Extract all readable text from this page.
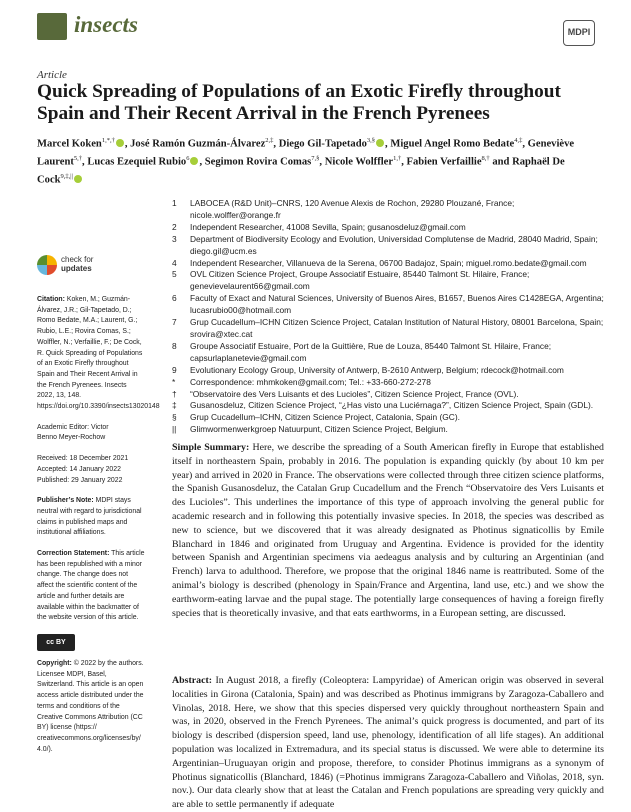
insects	MDPI
Article
Quick Spreading of Populations of an Exotic Firefly throughout Spain and Their Recent Arrival in the French Pyrenees
Marcel Koken$^{1,*,\dagger}$ , José Ramón Guzmán-Álvarez$^{2,\ddagger}$, Diego Gil-Tapetado$^{3,\S}$ , Miguel Angel Romo Bedate$^{4,\ddagger}$, Geneviève Laurent$^{5,\dagger}$, Lucas Ezequiel Rubio$^6$ , Segimon Rovira Comas$^{7,\S}$, Nicole Wolffler$^{1,\dagger}$, Fabien Verfaillie$^{8,\dagger}$ and Raphaël De Cock$^{9,\ddagger,||}$
1	LABOCEA (R&D Unit)–CNRS, 120 Avenue Alexis de Rochon, 29280 Plouzané, France; nicole.wolffer@orange.fr
2	Independent Researcher, 41008 Sevilla, Spain; gusanosdeluz@gmail.com
3	Department of Biodiversity Ecology and Evolution, Universidad Complutense de Madrid, 28040 Madrid, Spain; diego.gil@ucm.es
4	Independent Researcher, Villanueva de la Serena, 06700 Badajoz, Spain; miguel.romo.bedate@gmail.com
5	OVL Citizen Science Project, Groupe Associatif Estuaire, 85440 Talmont St. Hilaire, France; genevievelaurent66@gmail.com
6	Faculty of Exact and Natural Sciences, University of Buenos Aires, B1657, Buenos Aires C1428EGA, Argentina; lucasrubio00@hotmail.com
7	Grup Cucadellum–ICHN Citizen Science Project, Catalan Institution of Natural History, 08001 Barcelona, Spain; srovira@xtec.cat
8	Groupe Associatif Estuaire, Port de la Guittière, Rue de Louza, 85440 Talmont St. Hilaire, France; capsurlaplanetevie@gmail.com
9	Evolutionary Ecology Group, University of Antwerp, B-2610 Antwerp, Belgium; rdecock@hotmail.com
*	Correspondence: mhmkoken@gmail.com; Tel.: +33-660-272-278
†	“Observatoire des Vers Luisants et des Lucioles”, Citizen Science Project, France (OVL).
‡	Gusanosdeluz, Citizen Science Project, “¿Has visto una Luciérnaga?”, Citizen Science Project, Spain (GDL).
§	Grup Cucadellum–ICHN, Citizen Science Project, Catalonia, Spain (GC).
||	Glimwormenwerkgroep Natuurpunt, Citizen Science Project, Belgium.
check for
updates

Citation: Koken, M.; Guzmán-Álvarez, J.R.; Gil-Tapetado, D.; Romo Bedate, M.A.; Laurent, G.; Rubio, L.E.; Rovira Comas, S.; Wolffler, N.; Verfaillie, F.; De Cock, R. Quick Spreading of Populations of an Exotic Firefly throughout Spain and Their Recent Arrival in the French Pyrenees. Insects 2022, 13, 148. https://doi.org/10.3390/insects13020148

Academic Editor: Victor
Benno Meyer-Rochow

Received: 18 December 2021
Accepted: 14 January 2022
Published: 29 January 2022

Publisher’s Note: MDPI stays neutral with regard to jurisdictional claims in published maps and institutional affiliations.

Correction Statement: This article has been republished with a minor change. The change does not affect the scientific content of the article and further details are available within the backmatter of the website version of this article.

cc BY

Copyright: © 2022 by the authors. Licensee MDPI, Basel, Switzerland. This article is an open access article distributed under the terms and conditions of the Creative Commons Attribution (CC BY) license (https:// creativecommons.org/licenses/by/ 4.0/).

Simple Summary: Here, we describe the spreading of a South American firefly in Europe that established itself in northeastern Spain, probably in 2016. The population is expanding quickly (by about 10 km per year) and arrived in 2020 in France. The observations were collected through three citizen science platforms, the Spanish Gusanosdeluz, the Catalan Grup Cucadellum and the French “Observatoire des Vers Luisants et des Lucioles”. This underlines the importance of this type of approach involving the general public for academic research and in following this potentially invasive species. In 2018, the species was described as new to science, but we discovered that it was already designated as Photinus signaticollis by Emile Blanchard in 1846 and originated from Uruguay and Argentina. Evidence is provided for the identity between Spanish and Argentinian specimens via aedeagus analysis and by culturing an Argentinian (and French) larva to adulthood. Therefore, we propose that the original 1846 name is reattributed. Some of the animal’s biology is described (phenology in Spain/France and Argentina, land use, etc.) and we show the earthworm-eating larvae and the pupal stage. The potentially large consequences of having a foreign firefly species that is theoretically invasive, and that eats earthworms, in a European setting, are discussed.
Abstract: In August 2018, a firefly (Coleoptera: Lampyridae) of American origin was observed in several localities in Girona (Catalonia, Spain) and was described as Photinus immigrans by Zaragoza-Caballero and Vinolas, 2018. Here, we show that this species dispersed very quickly throughout northeastern Spain and was, in 2020, observed in the French Pyrenees. The animal’s quick progress is documented, and part of its biology is described (dispersion speed, land use, phenology, identification of all life stages). An additional population was localized in Extremadura, and its special status is discussed. We were able to determine its Argentinian–Uruguayan origin and propose, therefore, to consider Photinus immigrans as a synonym of Photinus signaticollis (Blanchard, 1846) (=Photinus immigrans Zaragoza-Caballero and Viñolas, 2018, syn. nov.). Our data clearly show that at least the Catalan and French populations are spreading very quickly and are able to settle permanently if adequate
